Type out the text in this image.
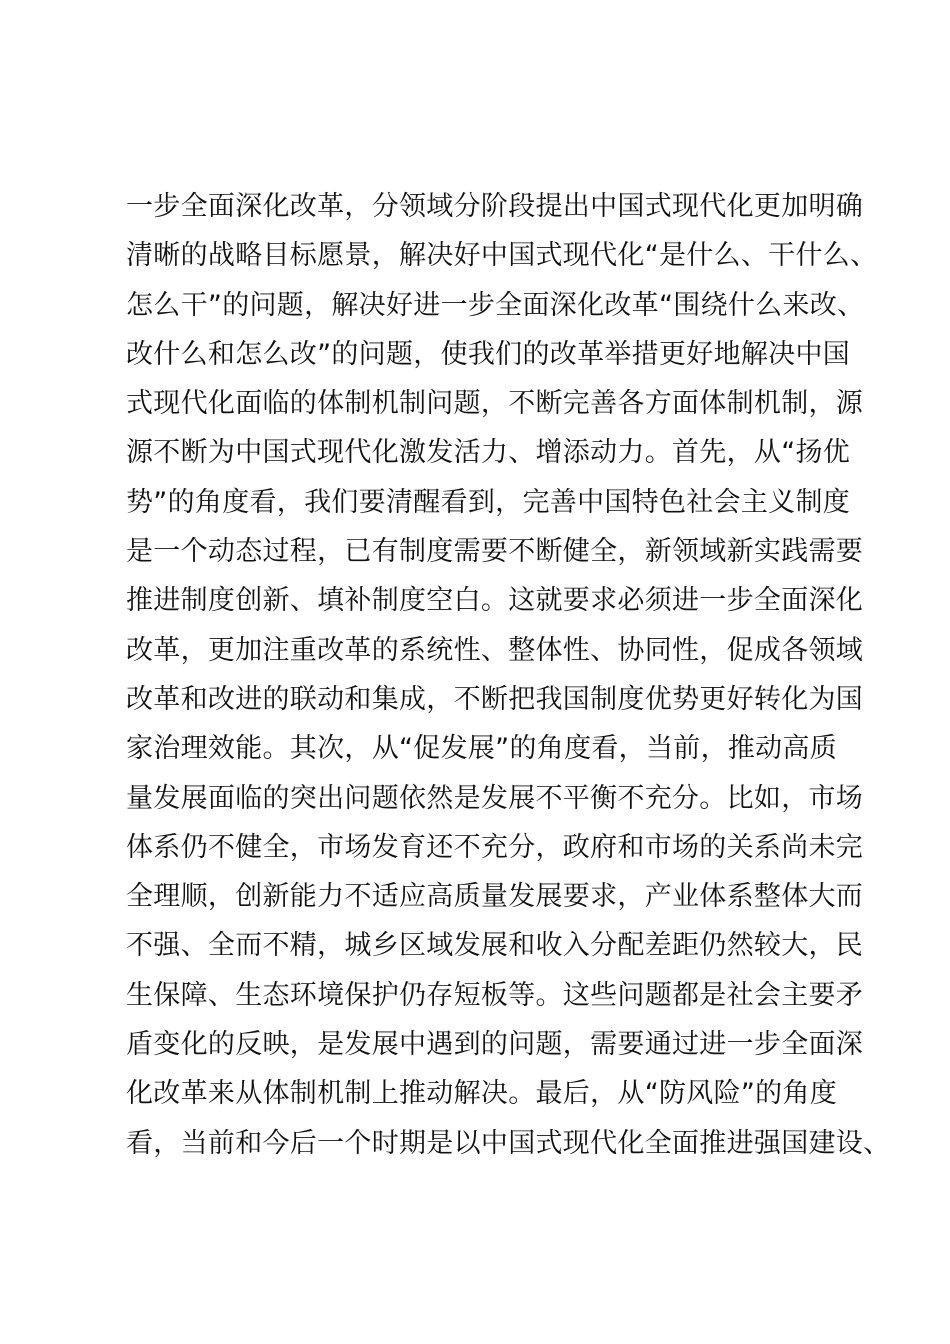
一步全面深化改革，分领域分阶段提出中国式现代化更加明确
清晰的战略目标愿景，解决好中国式现代化“是什么、干什么、
怎么干”的问题，解决好进一步全面深化改革“围绕什么来改、
改什么和怎么改”的问题，使我们的改革举措更好地解决中国
式现代化面临的体制机制问题，不断完善各方面体制机制，源
源不断为中国式现代化激发活力、增添动力。首先，从“扬优
势”的角度看，我们要清醒看到，完善中国特色社会主义制度
是一个动态过程，已有制度需要不断健全，新领域新实践需要
推进制度创新、填补制度空白。这就要求必须进一步全面深化
改革，更加注重改革的系统性、整体性、协同性，促成各领域
改革和改进的联动和集成，不断把我国制度优势更好转化为国
家治理效能。其次，从“促发展”的角度看，当前，推动高质
量发展面临的突出问题依然是发展不平衡不充分。比如，市场
体系仍不健全，市场发育还不充分，政府和市场的关系尚未完
全理顺，创新能力不适应高质量发展要求，产业体系整体大而
不强、全而不精，城乡区域发展和收入分配差距仍然较大，民
生保障、生态环境保护仍存短板等。这些问题都是社会主要矛
盾变化的反映，是发展中遇到的问题，需要通过进一步全面深
化改革来从体制机制上推动解决。最后，从“防风险”的角度
看，当前和今后一个时期是以中国式现代化全面推进强国建设、
